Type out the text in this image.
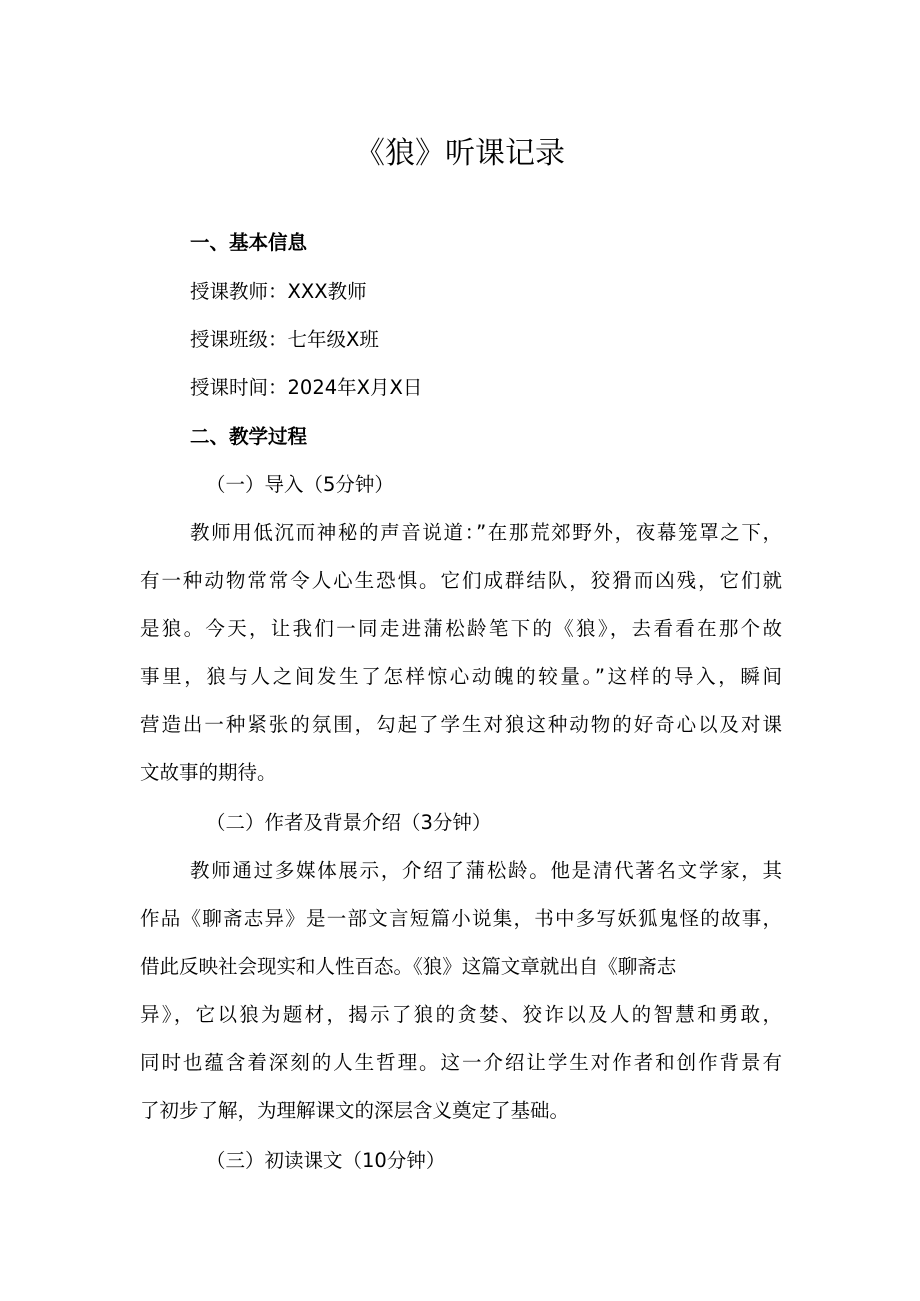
《狼》听课记录

一、基本信息

授课教师：XXX教师

授课班级：七年级X班

授课时间：2024年X月X日

二、教学过程

（一）导入（5分钟）

教师用低沉而神秘的声音说道：”在那荒郊野外，夜幕笼罩之下，

有一种动物常常令人心生恐惧。它们成群结队，狡猾而凶残，它们就

是狼。今天，让我们一同走进蒲松龄笔下的《狼》，去看看在那个故

事里，狼与人之间发生了怎样惊心动魄的较量。”这样的导入，瞬间

营造出一种紧张的氛围，勾起了学生对狼这种动物的好奇心以及对课

文故事的期待。

（二）作者及背景介绍（3分钟）

教师通过多媒体展示，介绍了蒲松龄。他是清代著名文学家，其

作品《聊斋志异》是一部文言短篇小说集，书中多写妖狐鬼怪的故事，

借此反映社会现实和人性百态。《狼》这篇文章就出自《聊斋志

异》，它以狼为题材，揭示了狼的贪婪、狡诈以及人的智慧和勇敢，

同时也蕴含着深刻的人生哲理。这一介绍让学生对作者和创作背景有

了初步了解，为理解课文的深层含义奠定了基础。

（三）初读课文（10分钟）
